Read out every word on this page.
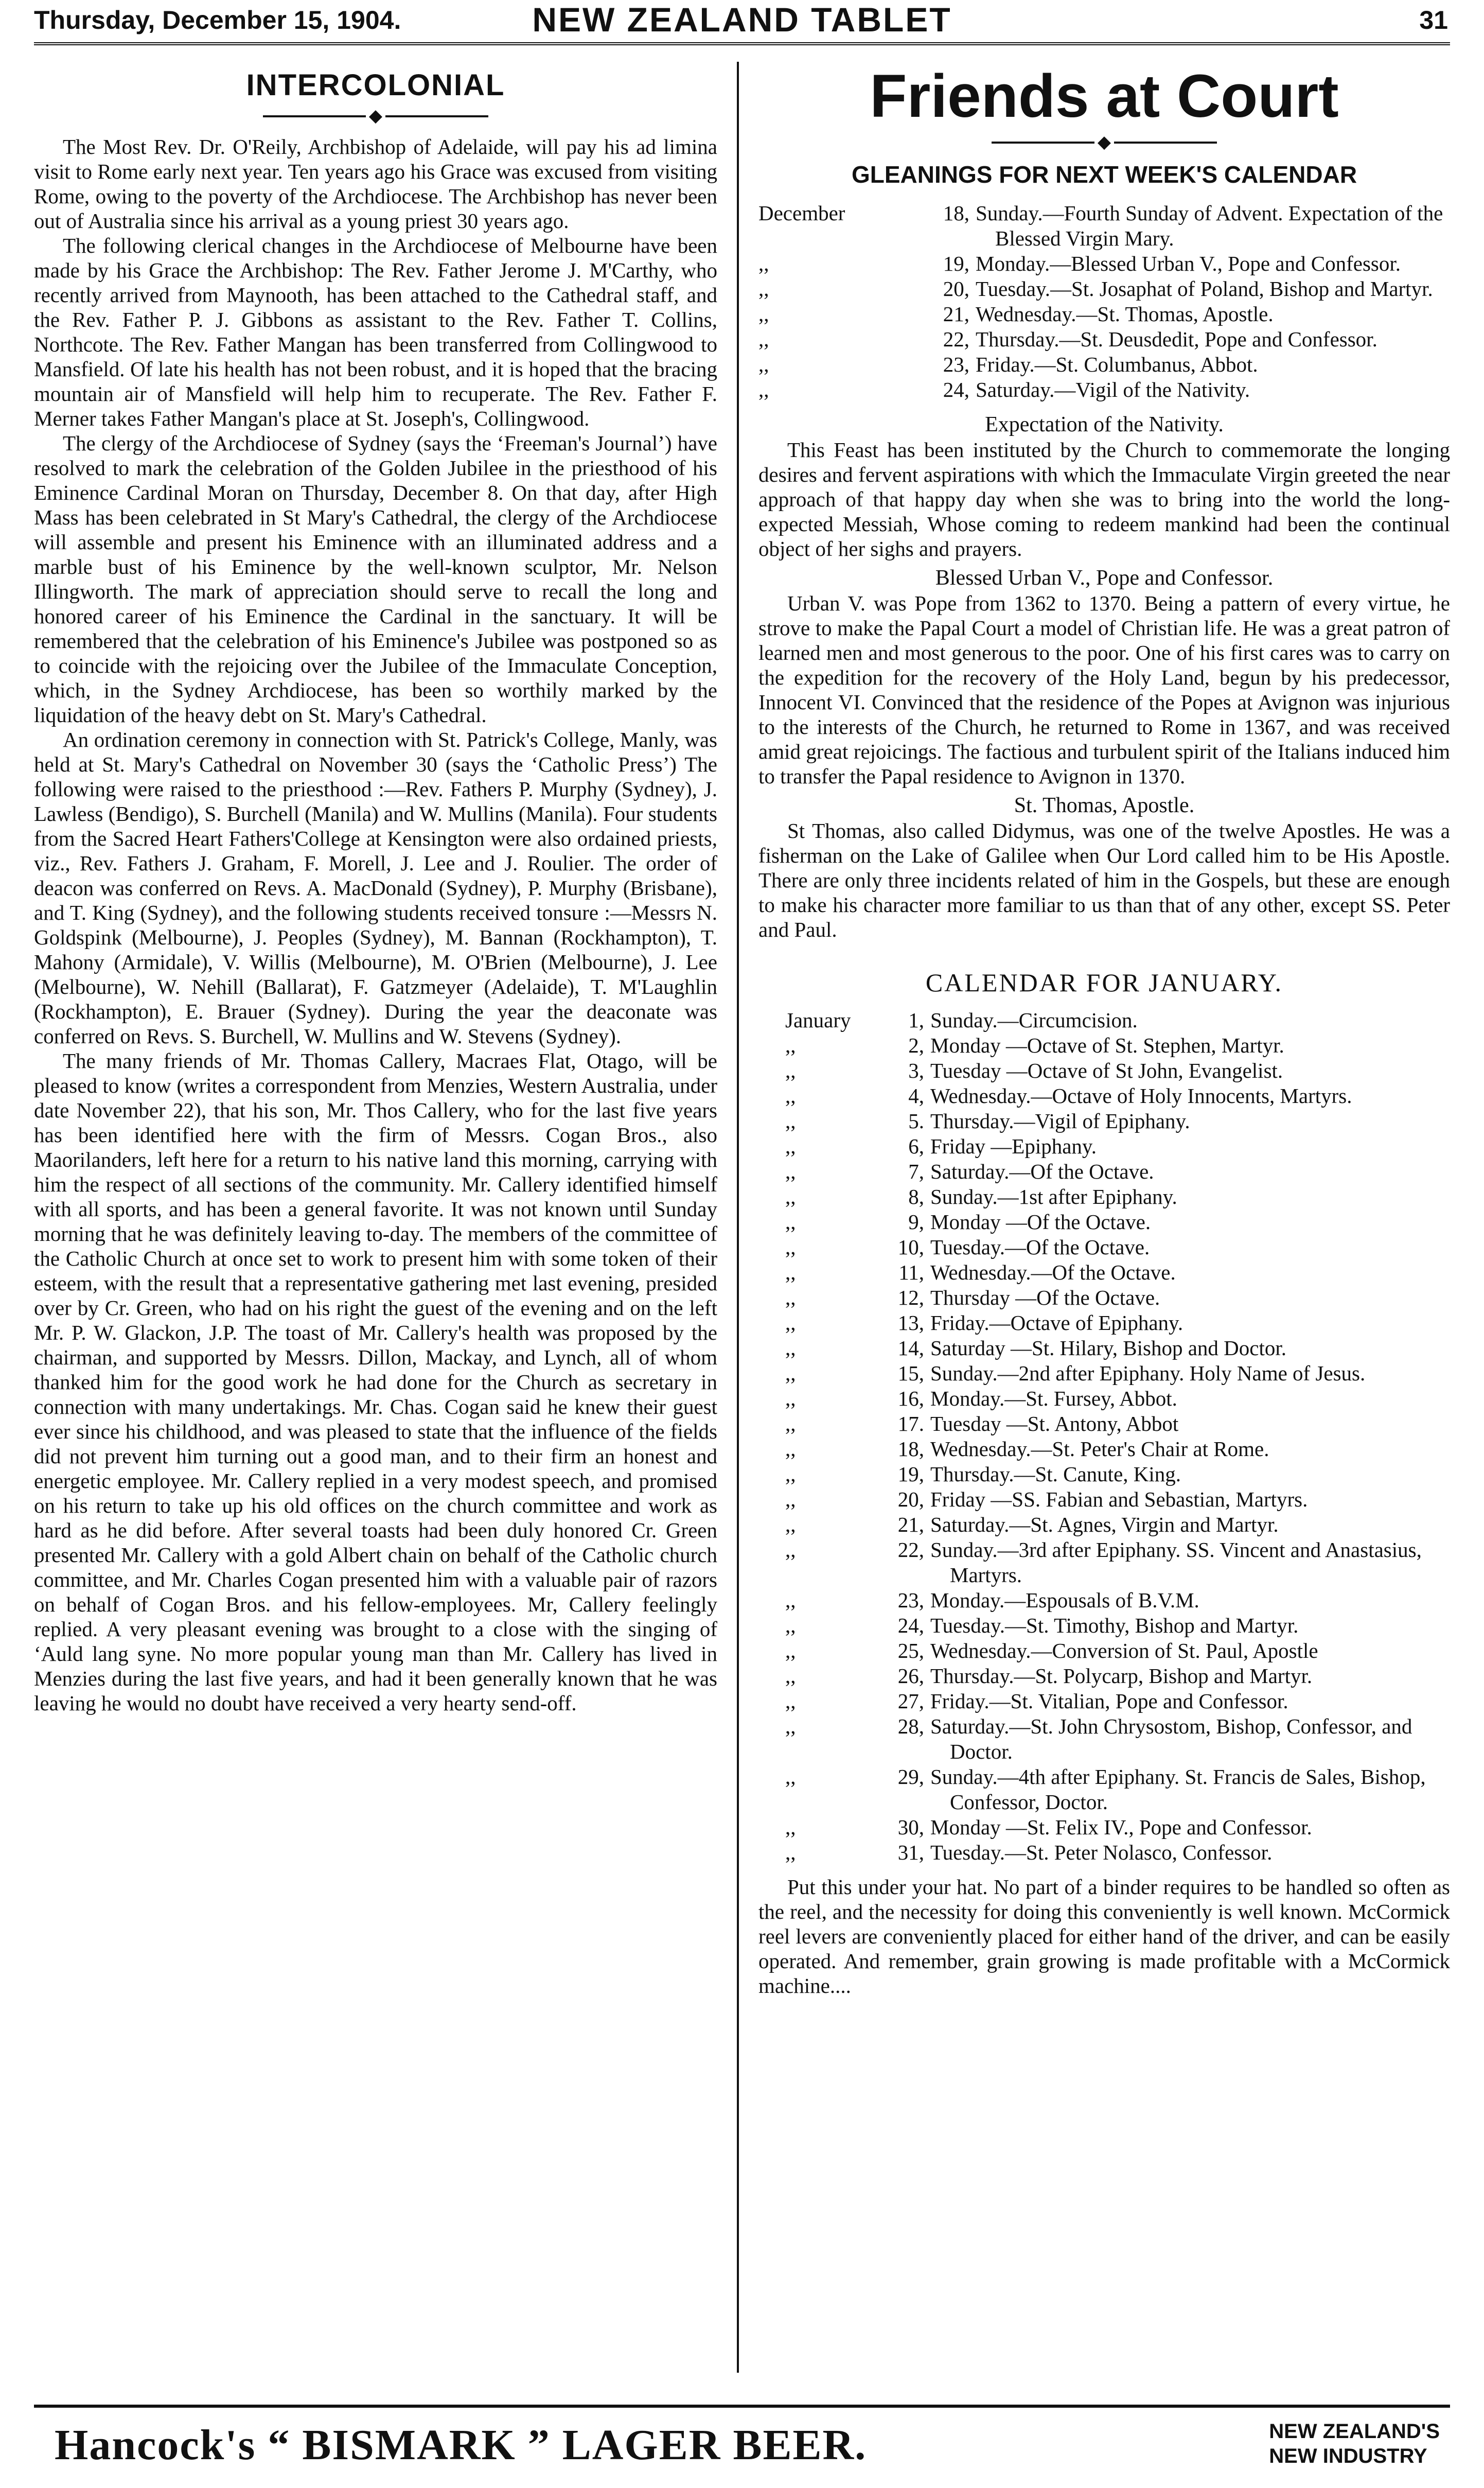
Thursday, December 15, 1904.	NEW ZEALAND TABLET	31
INTERCOLONIAL
◆

The Most Rev. Dr. O'Reily, Archbishop of Adelaide, will pay his ad limina visit to Rome early next year. Ten years ago his Grace was excused from visiting Rome, owing to the poverty of the Archdiocese. The Archbishop has never been out of Australia since his arrival as a young priest 30 years ago.

The following clerical changes in the Archdiocese of Melbourne have been made by his Grace the Archbishop: The Rev. Father Jerome J. M'Carthy, who recently arrived from Maynooth, has been attached to the Cathedral staff, and the Rev. Father P. J. Gibbons as assistant to the Rev. Father T. Collins, Northcote. The Rev. Father Mangan has been transferred from Collingwood to Mansfield. Of late his health has not been robust, and it is hoped that the bracing mountain air of Mansfield will help him to recuperate. The Rev. Father F. Merner takes Father Mangan's place at St. Joseph's, Collingwood.

The clergy of the Archdiocese of Sydney (says the ‘Freeman's Journal’) have resolved to mark the celebration of the Golden Jubilee in the priesthood of his Eminence Cardinal Moran on Thursday, December 8. On that day, after High Mass has been celebrated in St Mary's Cathedral, the clergy of the Archdiocese will assemble and present his Eminence with an illuminated address and a marble bust of his Eminence by the well-known sculptor, Mr. Nelson Illingworth. The mark of appreciation should serve to recall the long and honored career of his Eminence the Cardinal in the sanctuary. It will be remembered that the celebration of his Eminence's Jubilee was postponed so as to coincide with the rejoicing over the Jubilee of the Immaculate Conception, which, in the Sydney Archdiocese, has been so worthily marked by the liquidation of the heavy debt on St. Mary's Cathedral.

An ordination ceremony in connection with St. Patrick's College, Manly, was held at St. Mary's Cathedral on November 30 (says the ‘Catholic Press’) The following were raised to the priesthood :—Rev. Fathers P. Murphy (Sydney), J. Lawless (Bendigo), S. Burchell (Manila) and W. Mullins (Manila). Four students from the Sacred Heart Fathers'College at Kensington were also ordained priests, viz., Rev. Fathers J. Graham, F. Morell, J. Lee and J. Roulier. The order of deacon was conferred on Revs. A. MacDonald (Sydney), P. Murphy (Brisbane), and T. King (Sydney), and the following students received tonsure :—Messrs N. Goldspink (Melbourne), J. Peoples (Sydney), M. Bannan (Rockhampton), T. Mahony (Armidale), V. Willis (Melbourne), M. O'Brien (Melbourne), J. Lee (Melbourne), W. Nehill (Ballarat), F. Gatzmeyer (Adelaide), T. M'Laughlin (Rockhampton), E. Brauer (Sydney). During the year the deaconate was conferred on Revs. S. Burchell, W. Mullins and W. Stevens (Sydney).

The many friends of Mr. Thomas Callery, Macraes Flat, Otago, will be pleased to know (writes a correspondent from Menzies, Western Australia, under date November 22), that his son, Mr. Thos Callery, who for the last five years has been identified here with the firm of Messrs. Cogan Bros., also Maorilanders, left here for a return to his native land this morning, carrying with him the respect of all sections of the community. Mr. Callery identified himself with all sports, and has been a general favorite. It was not known until Sunday morning that he was definitely leaving to-day. The members of the committee of the Catholic Church at once set to work to present him with some token of their esteem, with the result that a representative gathering met last evening, presided over by Cr. Green, who had on his right the guest of the evening and on the left Mr. P. W. Glackon, J.P. The toast of Mr. Callery's health was proposed by the chairman, and supported by Messrs. Dillon, Mackay, and Lynch, all of whom thanked him for the good work he had done for the Church as secretary in connection with many undertakings. Mr. Chas. Cogan said he knew their guest ever since his childhood, and was pleased to state that the influence of the fields did not prevent him turning out a good man, and to their firm an honest and energetic employee. Mr. Callery replied in a very modest speech, and promised on his return to take up his old offices on the church committee and work as hard as he did before. After several toasts had been duly honored Cr. Green presented Mr. Callery with a gold Albert chain on behalf of the Catholic church committee, and Mr. Charles Cogan presented him with a valuable pair of razors on behalf of Cogan Bros. and his fellow-employees. Mr, Callery feelingly replied. A very pleasant evening was brought to a close with the singing of ‘Auld lang syne. No more popular young man than Mr. Callery has lived in Menzies during the last five years, and had it been generally known that he was leaving he would no doubt have received a very hearty send-off.

Friends at Court
◆
GLEANINGS FOR NEXT WEEK'S CALENDAR
December	18, Sunday.—Fourth Sunday of Advent. Expectation of the Blessed Virgin Mary.
,,	19, Monday.—Blessed Urban V., Pope and Confessor.
,,	20, Tuesday.—St. Josaphat of Poland, Bishop and Martyr.
,,	21, Wednesday.—St. Thomas, Apostle.
,,	22, Thursday.—St. Deusdedit, Pope and Confessor.
,,	23, Friday.—St. Columbanus, Abbot.
,,	24, Saturday.—Vigil of the Nativity.
Expectation of the Nativity.

This Feast has been instituted by the Church to commemorate the longing desires and fervent aspirations with which the Immaculate Virgin greeted the near approach of that happy day when she was to bring into the world the long-expected Messiah, Whose coming to redeem mankind had been the continual object of her sighs and prayers.

Blessed Urban V., Pope and Confessor.

Urban V. was Pope from 1362 to 1370. Being a pattern of every virtue, he strove to make the Papal Court a model of Christian life. He was a great patron of learned men and most generous to the poor. One of his first cares was to carry on the expedition for the recovery of the Holy Land, begun by his predecessor, Innocent VI. Convinced that the residence of the Popes at Avignon was injurious to the interests of the Church, he returned to Rome in 1367, and was received amid great rejoicings. The factious and turbulent spirit of the Italians induced him to transfer the Papal residence to Avignon in 1370.

St. Thomas, Apostle.

St Thomas, also called Didymus, was one of the twelve Apostles. He was a fisherman on the Lake of Galilee when Our Lord called him to be His Apostle. There are only three incidents related of him in the Gospels, but these are enough to make his character more familiar to us than that of any other, except SS. Peter and Paul.

CALENDAR FOR JANUARY.
January	1, Sunday.—Circumcision.
,,	2, Monday —Octave of St. Stephen, Martyr.
,,	3, Tuesday —Octave of St John, Evangelist.
,,	4, Wednesday.—Octave of Holy Innocents, Martyrs.
,,	5. Thursday.—Vigil of Epiphany.
,,	6, Friday —Epiphany.
,,	7, Saturday.—Of the Octave.
,,	8, Sunday.—1st after Epiphany.
,,	9, Monday —Of the Octave.
,,	10, Tuesday.—Of the Octave.
,,	11, Wednesday.—Of the Octave.
,,	12, Thursday —Of the Octave.
,,	13, Friday.—Octave of Epiphany.
,,	14, Saturday —St. Hilary, Bishop and Doctor.
,,	15, Sunday.—2nd after Epiphany. Holy Name of Jesus.
,,	16, Monday.—St. Fursey, Abbot.
,,	17. Tuesday —St. Antony, Abbot
,,	18, Wednesday.—St. Peter's Chair at Rome.
,,	19, Thursday.—St. Canute, King.
,,	20, Friday —SS. Fabian and Sebastian, Martyrs.
,,	21, Saturday.—St. Agnes, Virgin and Martyr.
,,	22, Sunday.—3rd after Epiphany. SS. Vincent and Anastasius, Martyrs.
,,	23, Monday.—Espousals of B.V.M.
,,	24, Tuesday.—St. Timothy, Bishop and Martyr.
,,	25, Wednesday.—Conversion of St. Paul, Apostle
,,	26, Thursday.—St. Polycarp, Bishop and Martyr.
,,	27, Friday.—St. Vitalian, Pope and Confessor.
,,	28, Saturday.—St. John Chrysostom, Bishop, Confessor, and Doctor.
,,	29, Sunday.—4th after Epiphany. St. Francis de Sales, Bishop, Confessor, Doctor.
,,	30, Monday —St. Felix IV., Pope and Confessor.
,,	31, Tuesday.—St. Peter Nolasco, Confessor.

Put this under your hat. No part of a binder requires to be handled so often as the reel, and the necessity for doing this conveniently is well known. McCormick reel levers are conveniently placed for either hand of the driver, and can be easily operated. And remember, grain growing is made profitable with a McCormick machine....

Hancock's “ BISMARK ” LAGER BEER.	NEW ZEALAND'S
NEW INDUSTRY
